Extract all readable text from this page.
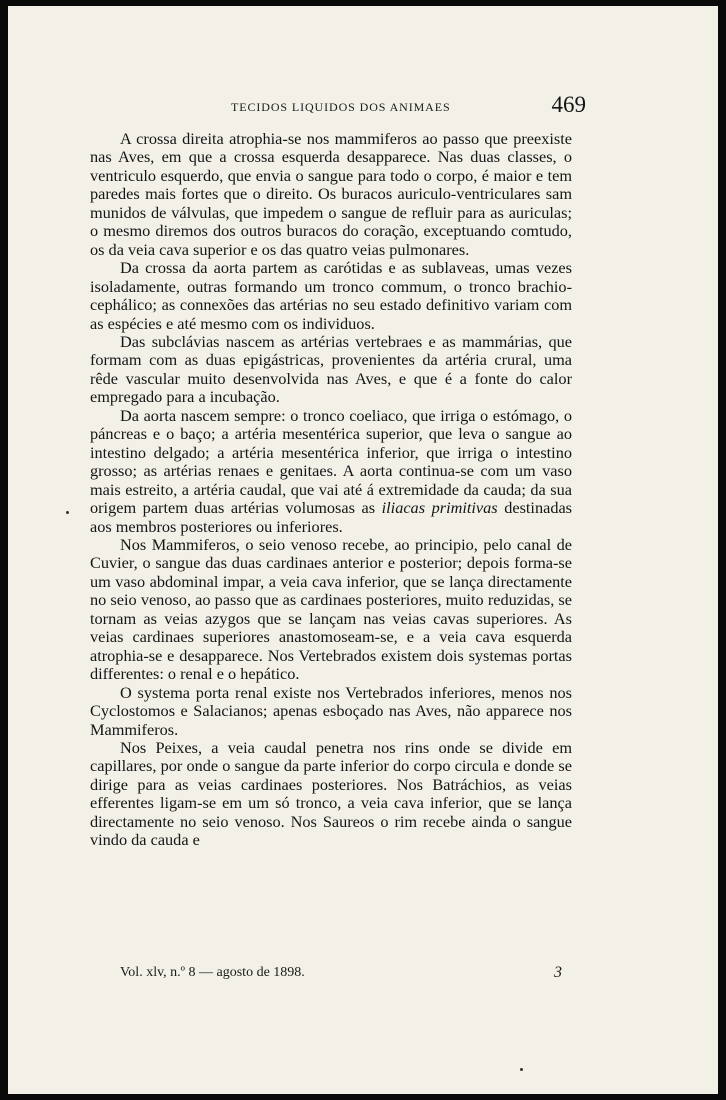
TECIDOS LIQUIDOS DOS ANIMAES	469

A crossa direita atrophia-se nos mammiferos ao passo que preexiste nas Aves, em que a crossa esquerda desapparece. Nas duas classes, o ventriculo esquerdo, que envia o sangue para todo o corpo, é maior e tem paredes mais fortes que o direito. Os buracos auriculo-ventriculares sam munidos de válvulas, que impedem o sangue de refluir para as auriculas; o mesmo diremos dos outros buracos do coração, exceptuando comtudo, os da veia cava superior e os das quatro veias pulmonares.

Da crossa da aorta partem as carótidas e as sublaveas, umas vezes isoladamente, outras formando um tronco commum, o tronco brachio-cephálico; as connexões das artérias no seu estado definitivo variam com as espécies e até mesmo com os individuos.

Das subclávias nascem as artérias vertebraes e as mammárias, que formam com as duas epigástricas, provenientes da artéria crural, uma rêde vascular muito desenvolvida nas Aves, e que é a fonte do calor empregado para a incubação.

Da aorta nascem sempre: o tronco coeliaco, que irriga o estómago, o páncreas e o baço; a artéria mesentérica superior, que leva o sangue ao intestino delgado; a artéria mesentérica inferior, que irriga o intestino grosso; as artérias renaes e genitaes. A aorta continua-se com um vaso mais estreito, a artéria caudal, que vai até á extremidade da cauda; da sua origem partem duas artérias volumosas as iliacas primitivas destinadas aos membros posteriores ou inferiores.

Nos Mammiferos, o seio venoso recebe, ao principio, pelo canal de Cuvier, o sangue das duas cardinaes anterior e posterior; depois forma-se um vaso abdominal impar, a veia cava inferior, que se lança directamente no seio venoso, ao passo que as cardinaes posteriores, muito reduzidas, se tornam as veias azygos que se lançam nas veias cavas superiores. As veias cardinaes superiores anastomoseam-se, e a veia cava esquerda atrophia-se e desapparece. Nos Vertebrados existem dois systemas portas differentes: o renal e o hepático.

O systema porta renal existe nos Vertebrados inferiores, menos nos Cyclostomos e Salacianos; apenas esboçado nas Aves, não apparece nos Mammiferos.

Nos Peixes, a veia caudal penetra nos rins onde se divide em capillares, por onde o sangue da parte inferior do corpo circula e donde se dirige para as veias cardinaes posteriores. Nos Batráchios, as veias efferentes ligam-se em um só tronco, a veia cava inferior, que se lança directamente no seio venoso. Nos Saureos o rim recebe ainda o sangue vindo da cauda e

Vol. xlv, n.º 8 — agosto de 1898.	3
